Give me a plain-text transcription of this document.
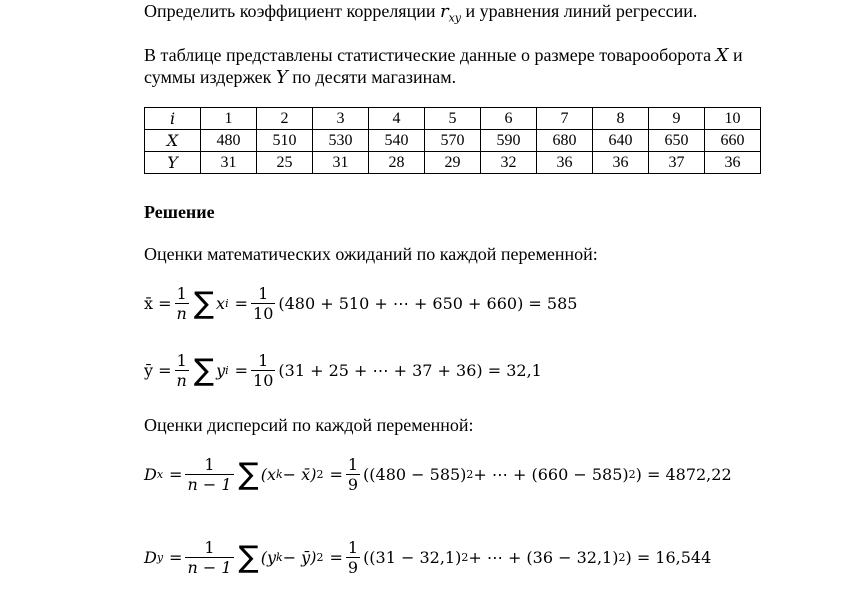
Определить коэффициент корреляции $r_{xy}$ и уравнения линий регрессии.
В таблице представлены статистические данные о размере товарооборота X и
суммы издержек Y по десяти магазинам.
i	1	2	3	4	5	6	7	8	9	10
X	480	510	530	540	570	590	680	640	650	660
Y	31	25	31	28	29	32	36	36	37	36
Решение
Оценки математических ожиданий по каждой переменной:
x̄ = $\frac{1}{n}$ ∑ x $i = \frac{1}{10} (480 + 510$ + ⋯ + 650 + 660) = 585
ȳ = $\frac{1}{n}$ ∑ y $i = \frac{1}{10} (31 + 25$ + ⋯ + 37 + 36) = 32,1
Оценки дисперсий по каждой переменной:
D $x = \frac{1}{n - 1}$ ∑ (x k − x̄) $2 = \frac{1}{9} ((480 - 585) 2$ + ⋯ + (660 − 585) 2 ) = 4872,22
D $y = \frac{1}{n - 1}$ ∑ (y k − ȳ) $2 = \frac{1}{9} ((31 - 32,1) 2$ + ⋯ + (36 − 32,1) 2 ) = 16,544
